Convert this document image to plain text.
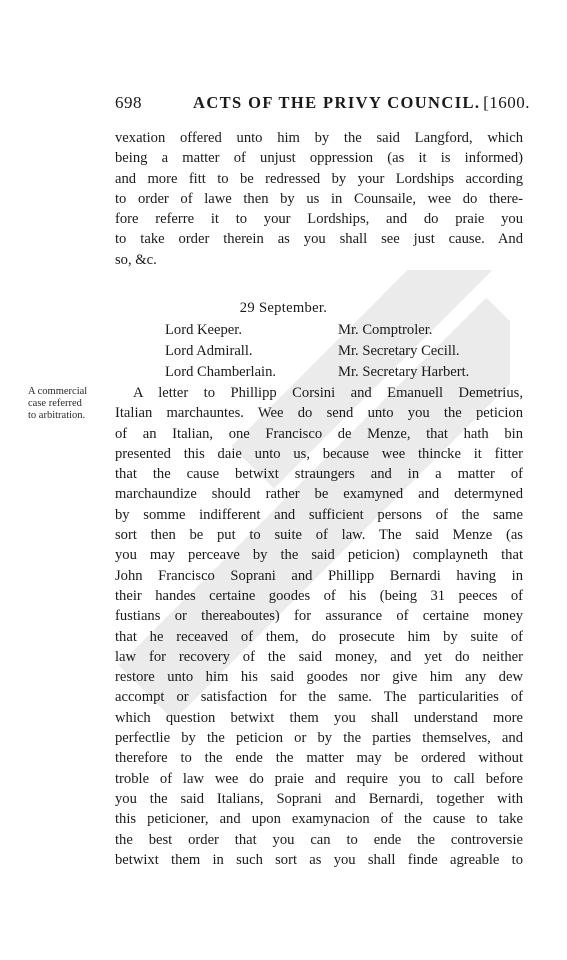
698	ACTS OF THE PRIVY COUNCIL. [1600.
vexation offered unto him by the said Langford, which
being a matter of unjust oppression (as it is informed)
and more fitt to be redressed by your Lordships according
to order of lawe then by us in Counsaile, wee do there-
fore referre it to your Lordships, and do praie you
to take order therein as you shall see just cause. And
so, &c.
29 September.
Lord Keeper.	Mr. Comptroler.
Lord Admirall.	Mr. Secretary Cecill.
Lord Chamberlain.	Mr. Secretary Harbert.
A commercial
case referred
to arbitration.
A letter to Phillipp Corsini and Emanuell Demetrius,
Italian marchauntes. Wee do send unto you the peticion
of an Italian, one Francisco de Menze, that hath bin
presented this daie unto us, because wee thincke it fitter
that the cause betwixt straungers and in a matter of
marchaundize should rather be examyned and determyned
by somme indifferent and sufficient persons of the same
sort then be put to suite of law. The said Menze (as
you may perceave by the said peticion) complayneth that
John Francisco Soprani and Phillipp Bernardi having in
their handes certaine goodes of his (being 31 peeces of
fustians or thereaboutes) for assurance of certaine money
that he receaved of them, do prosecute him by suite of
law for recovery of the said money, and yet do neither
restore unto him his said goodes nor give him any dew
accompt or satisfaction for the same. The particularities of
which question betwixt them you shall understand more
perfectlie by the peticion or by the parties themselves, and
therefore to the ende the matter may be ordered without
troble of law wee do praie and require you to call before
you the said Italians, Soprani and Bernardi, together with
this peticioner, and upon examynacion of the cause to take
the best order that you can to ende the controversie
betwixt them in such sort as you shall finde agreable to
